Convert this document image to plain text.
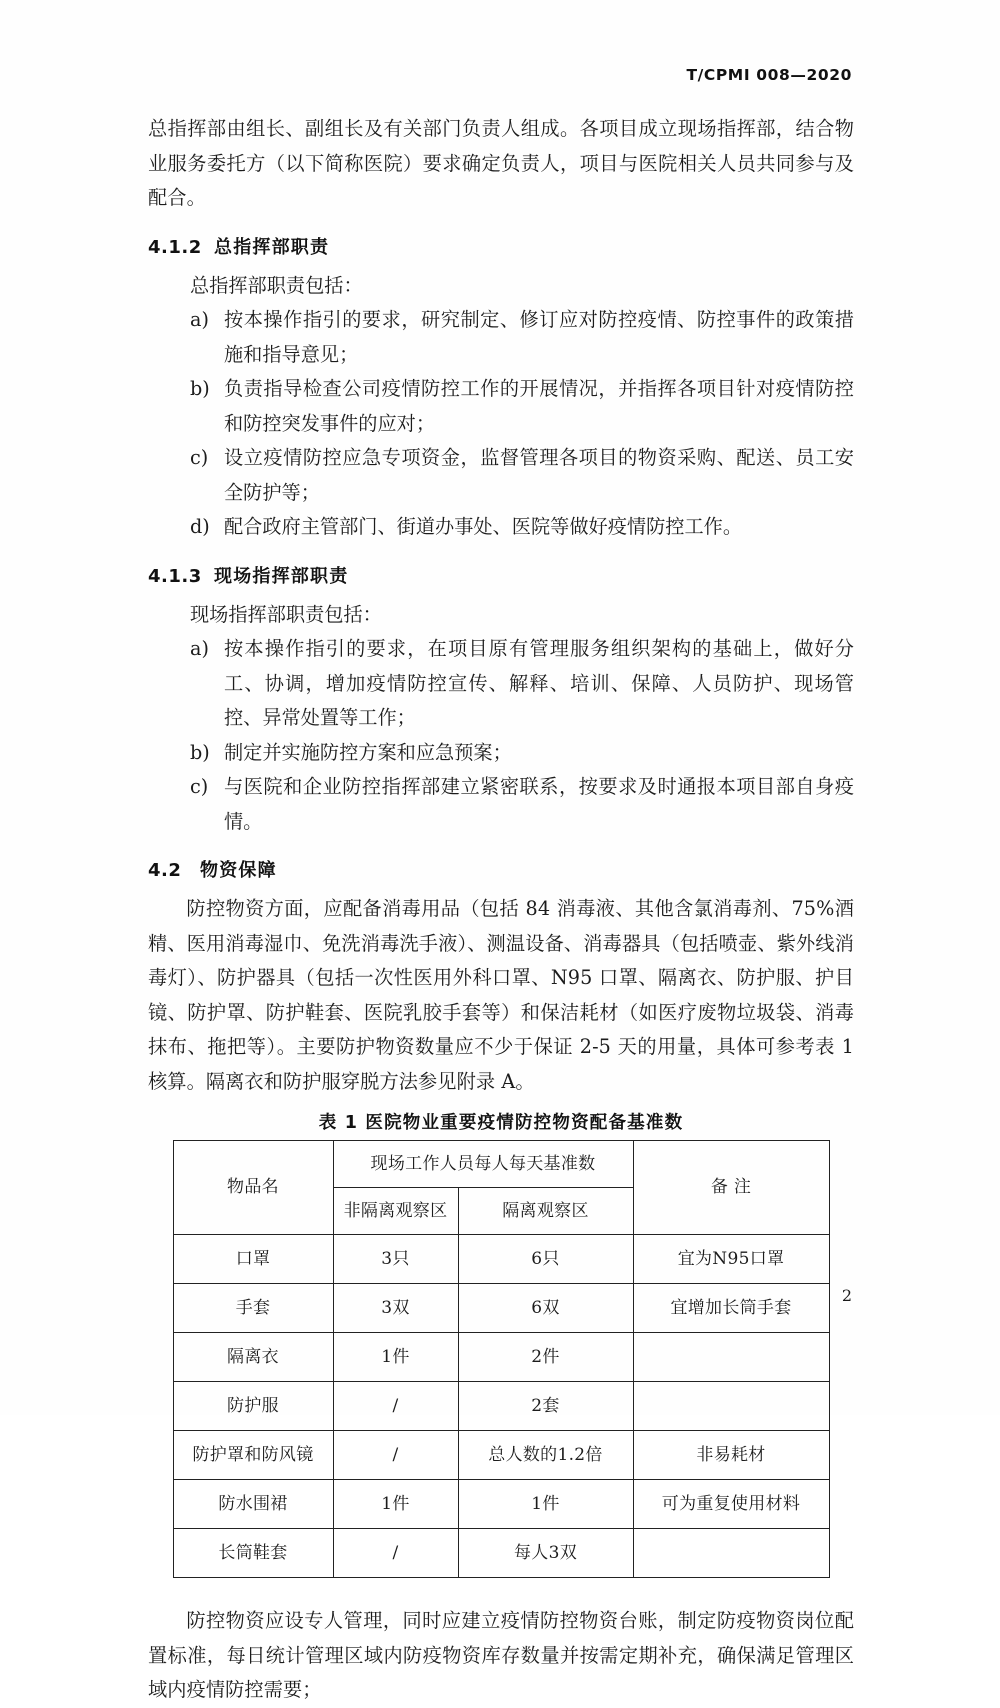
T/CPMI 008—2020
总指挥部由组长、副组长及有关部门负责人组成。各项目成立现场指挥部，结合物业服务委托方（以下简称医院）要求确定负责人，项目与医院相关人员共同参与及配合。
4.1.2 总指挥部职责
总指挥部职责包括：
a) 按本操作指引的要求，研究制定、修订应对防控疫情、防控事件的政策措施和指导意见；
b) 负责指导检查公司疫情防控工作的开展情况，并指挥各项目针对疫情防控和防控突发事件的应对；
c) 设立疫情防控应急专项资金，监督管理各项目的物资采购、配送、员工安全防护等；
d) 配合政府主管部门、街道办事处、医院等做好疫情防控工作。
4.1.3 现场指挥部职责
现场指挥部职责包括：
a) 按本操作指引的要求，在项目原有管理服务组织架构的基础上，做好分工、协调，增加疫情防控宣传、解释、培训、保障、人员防护、现场管控、异常处置等工作；
b) 制定并实施防控方案和应急预案；
c) 与医院和企业防控指挥部建立紧密联系，按要求及时通报本项目部自身疫情。
4.2	物资保障
防控物资方面，应配备消毒用品（包括 84 消毒液、其他含氯消毒剂、75%酒精、医用消毒湿巾、免洗消毒洗手液）、测温设备、消毒器具（包括喷壶、紫外线消毒灯）、防护器具（包括一次性医用外科口罩、N95 口罩、隔离衣、防护服、护目镜、防护罩、防护鞋套、医院乳胶手套等）和保洁耗材（如医疗废物垃圾袋、消毒抹布、拖把等）。主要防护物资数量应不少于保证 2-5 天的用量，具体可参考表 1 核算。隔离衣和防护服穿脱方法参见附录 A。
表 1 医院物业重要疫情防控物资配备基准数
物品名	现场工作人员每人每天基准数		备 注
	非隔离观察区	隔离观察区	
口罩	3只	6只	宜为N95口罩
手套	3双	6双	宜增加长筒手套
隔离衣	1件	2件	
防护服	/	2套	
防护罩和防风镜	/	总人数的1.2倍	非易耗材
防水围裙	1件	1件	可为重复使用材料
长筒鞋套	/	每人3双	
防控物资应设专人管理，同时应建立疫情防控物资台账，制定防疫物资岗位配置标准，每日统计管理区域内防疫物资库存数量并按需定期补充，确保满足管理区域内疫情防控需要；
2
